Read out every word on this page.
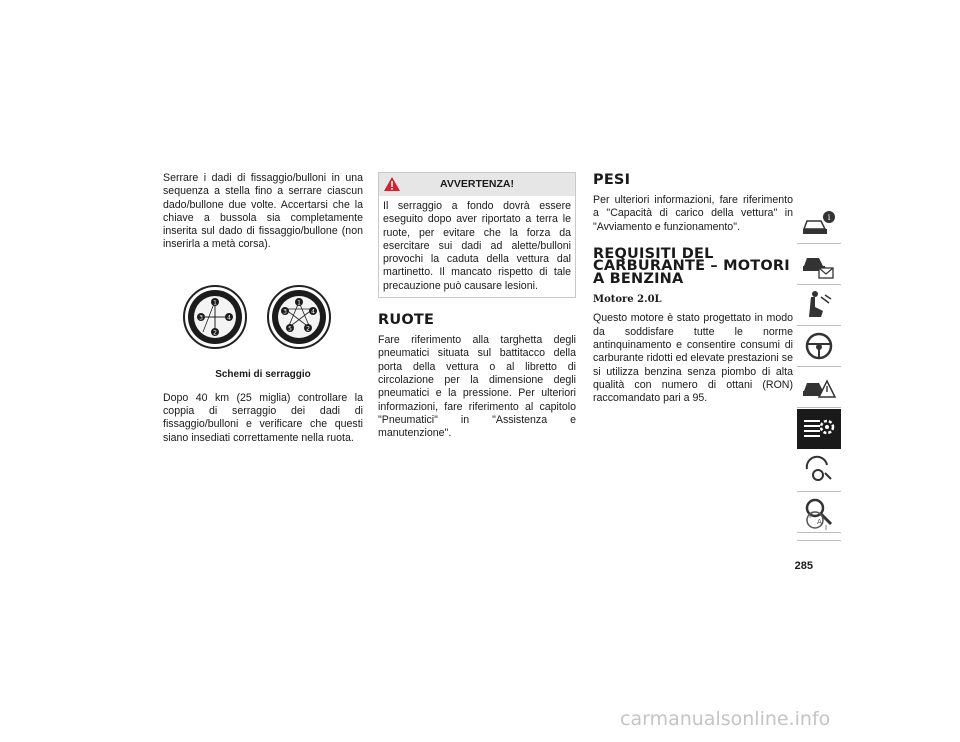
Serrare i dadi di fissaggio/bulloni in una sequenza a stella fino a serrare ciascun dado/bullone due volte. Accertarsi che la chiave a bussola sia completamente inserita sul dado di fissaggio/bullone (non inserirla a metà corsa).

1
4
2
3
1
4
2
5
3

Schemi di serraggio

Dopo 40 km (25 miglia) controllare la coppia di serraggio dei dadi di fissaggio/bulloni e verificare che questi siano insediati correttamente nella ruota.

AVVERTENZA!

Il serraggio a fondo dovrà essere eseguito dopo aver riportato a terra le ruote, per evitare che la forza da esercitare sui dadi ad alette/bulloni provochi la caduta della vettura dal martinetto. Il mancato rispetto di tale precauzione può causare lesioni.

RUOTE

Fare riferimento alla targhetta degli pneumatici situata sul battitacco della porta della vettura o al libretto di circolazione per la dimensione degli pneumatici e la pressione. Per ulteriori informazioni, fare riferimento al capitolo "Pneumatici" in "Assistenza e manutenzione".

PESI

Per ulteriori informazioni, fare riferimento a "Capacità di carico della vettura" in "Avviamento e funzionamento".

REQUISITI DEL CARBURANTE – MOTORI A BENZINA
Motore 2.0L

Questo motore è stato progettato in modo da soddisfare tutte le norme antinquinamento e consentire consumi di carburante ridotti ed elevate prestazioni se si utilizza benzina senza piombo di alta qualità con numero di ottani (RON) raccomandato pari a 95.

i
F
A
I
285
carmanualsonline.info
